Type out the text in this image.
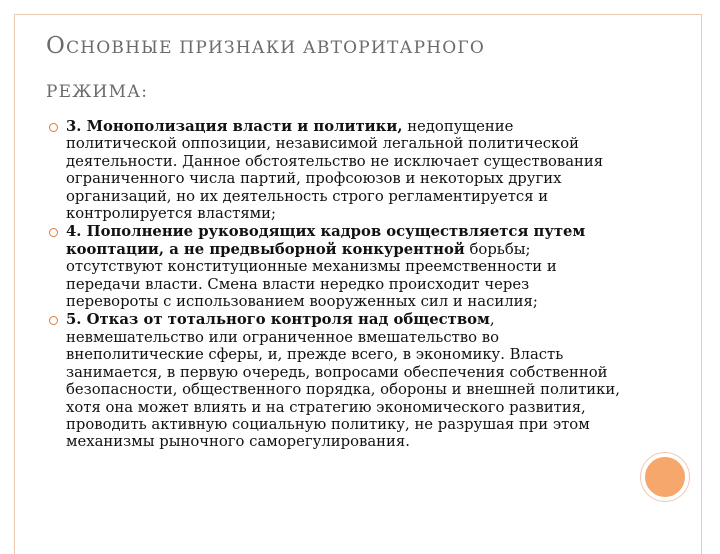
ОСНОВНЫЕ ПРИЗНАКИ АВТОРИТАРНОГО
РЕЖИМА:

3. Монополизация власти и политики, недопущение политической оппозиции, независимой легальной политической деятельности. Данное обстоятельство не исключает существования ограниченного числа партий, профсоюзов и некоторых других организаций, но их деятельность строго регламентируется и контролируется властями;

4. Пополнение руководящих кадров осуществляется путем кооптации, а не предвыборной конкурентной борьбы; отсутствуют конституционные механизмы преемственности и передачи власти. Смена власти нередко происходит через перевороты с использованием вооруженных сил и насилия;

5. Отказ от тотального контроля над обществом, невмешательство или ограниченное вмешательство во внеполитические сферы, и, прежде всего, в экономику. Власть занимается, в первую очередь, вопросами обеспечения собственной безопасности, общественного порядка, обороны и внешней политики, хотя она может влиять и на стратегию экономического развития, проводить активную социальную политику, не разрушая при этом механизмы рыночного саморегулирования.
